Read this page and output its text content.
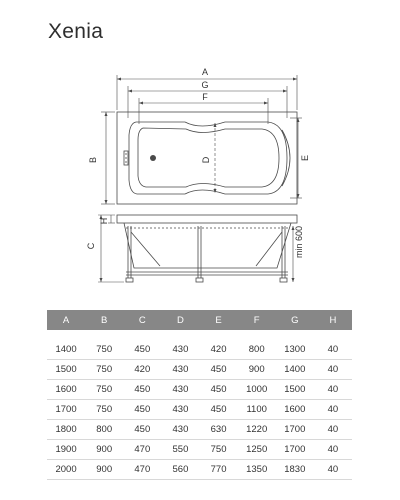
Xenia
A
G
F
B	D	E
C
H
min 600
A	B	C	D	E	F	G	H
1400	750	450	430	420	800	1300	40
1500	750	420	430	450	900	1400	40
1600	750	450	430	450	1000	1500	40
1700	750	450	430	450	1100	1600	40
1800	800	450	430	630	1220	1700	40
1900	900	470	550	750	1250	1700	40
2000	900	470	560	770	1350	1830	40
